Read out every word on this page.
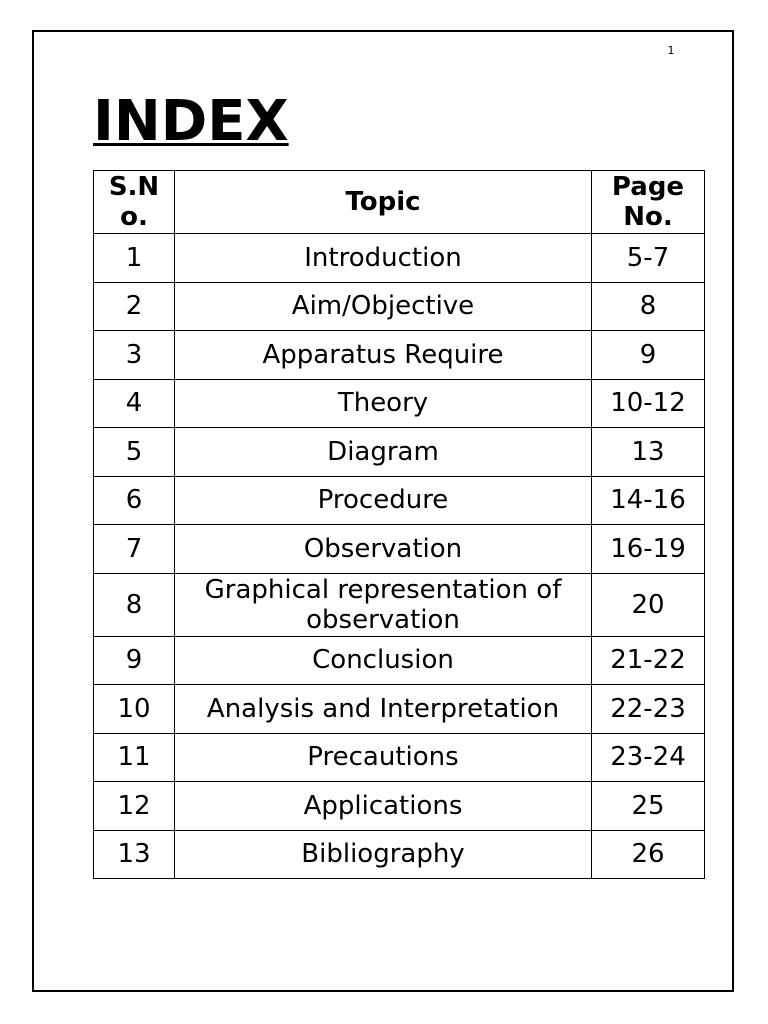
1
INDEX
S.N o.	Topic	Page No.
1	Introduction	5-7
2	Aim/Objective	8
3	Apparatus Require	9
4	Theory	10-12
5	Diagram	13
6	Procedure	14-16
7	Observation	16-19
8	Graphical representation of observation	20
9	Conclusion	21-22
10	Analysis and Interpretation	22-23
11	Precautions	23-24
12	Applications	25
13	Bibliography	26
